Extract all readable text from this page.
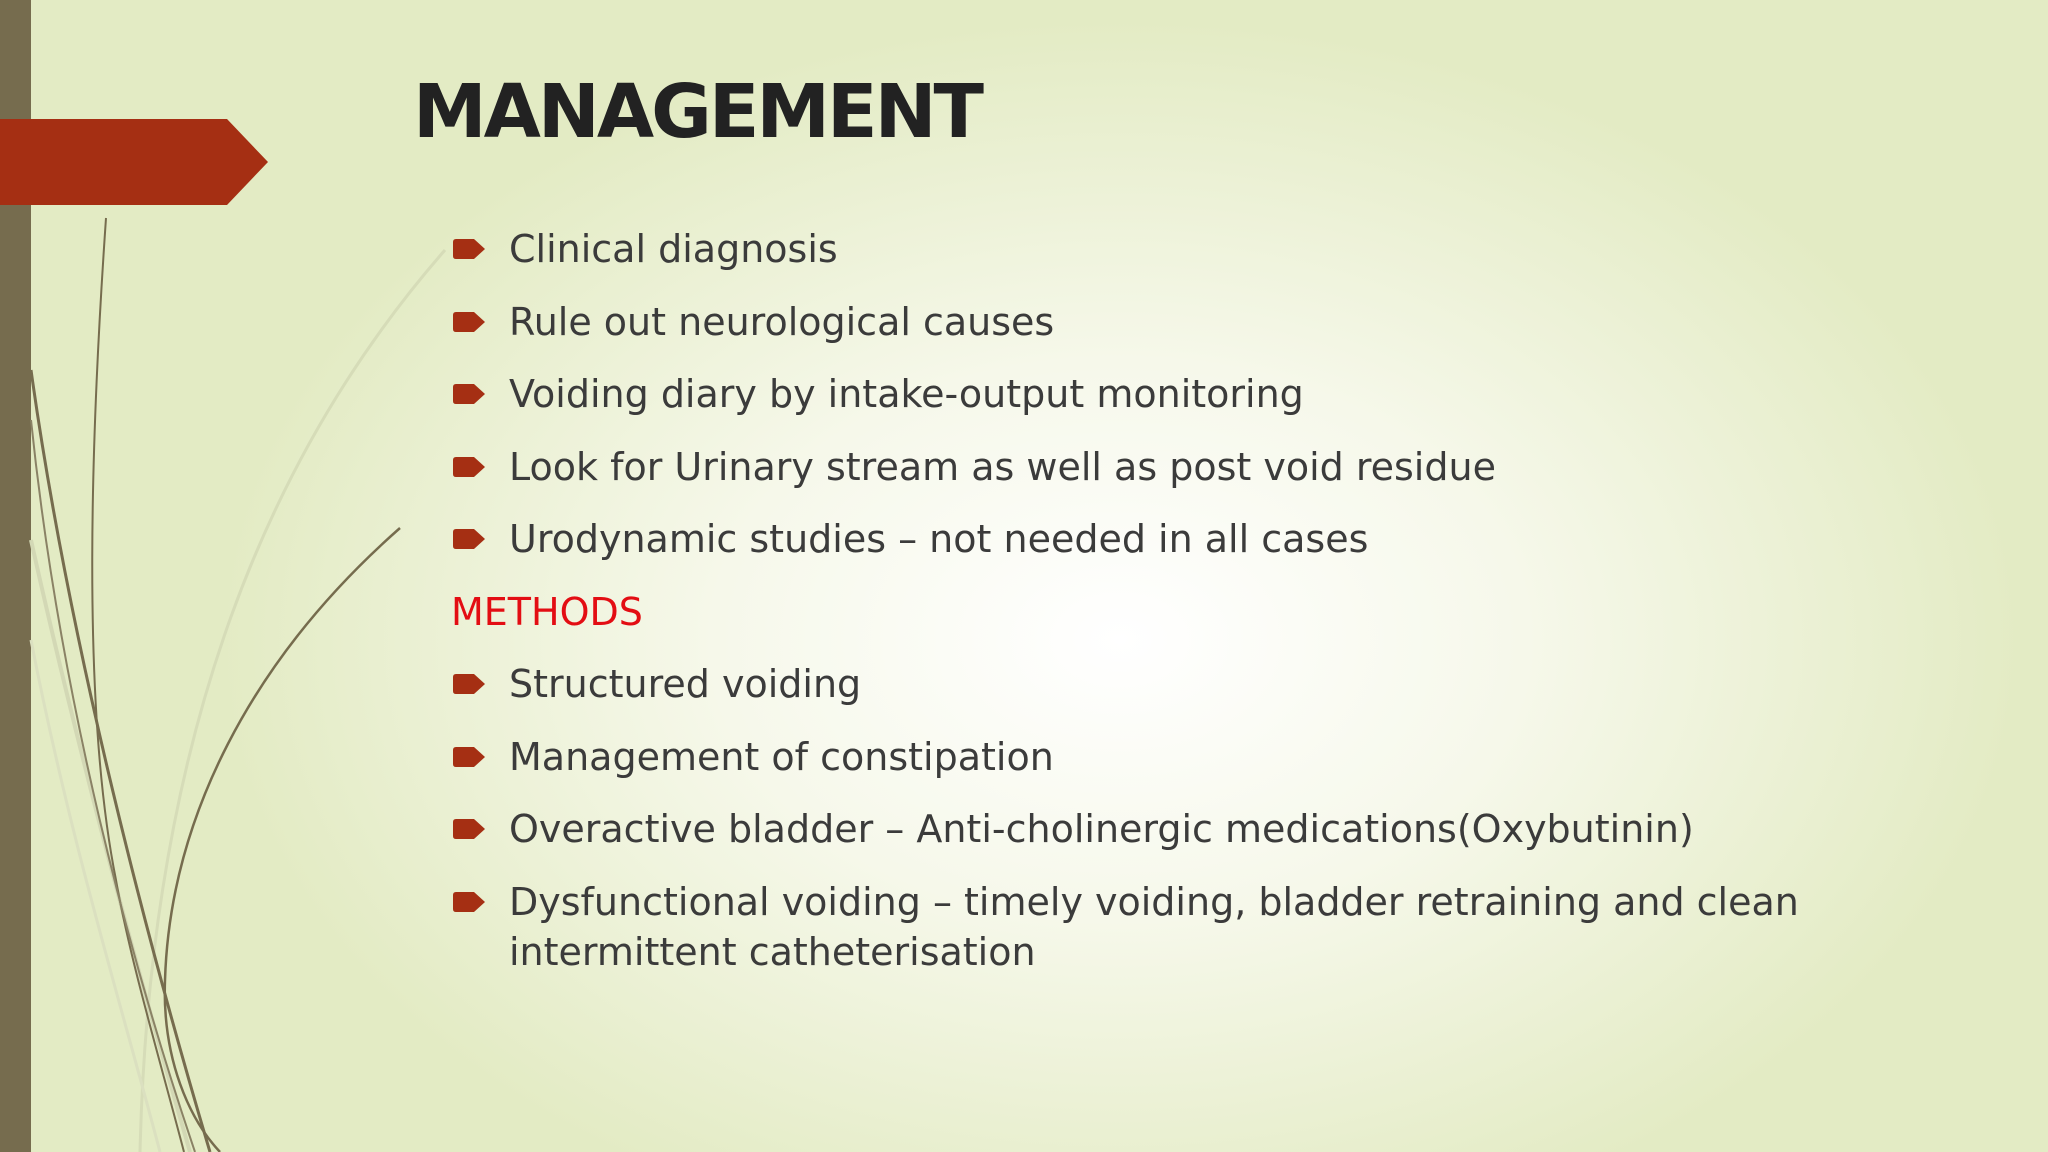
MANAGEMENT
Clinical diagnosis
Rule out neurological causes
Voiding diary by intake-output monitoring
Look for Urinary stream as well as post void residue
Urodynamic studies – not needed in all cases
METHODS
Structured voiding
Management of constipation
Overactive bladder – Anti-cholinergic medications(Oxybutinin)
Dysfunctional voiding – timely voiding, bladder retraining and clean intermittent catheterisation
